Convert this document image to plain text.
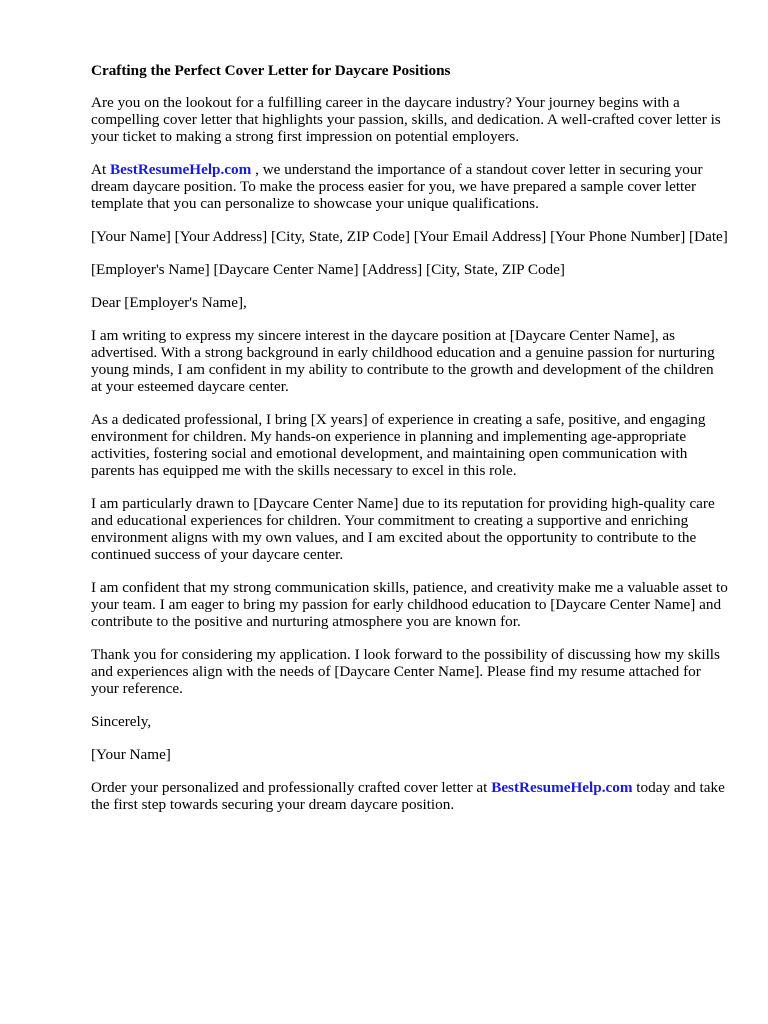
Crafting the Perfect Cover Letter for Daycare Positions

Are you on the lookout for a fulfilling career in the daycare industry? Your journey begins with a compelling cover letter that highlights your passion, skills, and dedication. A well-crafted cover letter is your ticket to making a strong first impression on potential employers.

At BestResumeHelp.com , we understand the importance of a standout cover letter in securing your dream daycare position. To make the process easier for you, we have prepared a sample cover letter template that you can personalize to showcase your unique qualifications.

[Your Name] [Your Address] [City, State, ZIP Code] [Your Email Address] [Your Phone Number] [Date]

[Employer's Name] [Daycare Center Name] [Address] [City, State, ZIP Code]

Dear [Employer's Name],

I am writing to express my sincere interest in the daycare position at [Daycare Center Name], as advertised. With a strong background in early childhood education and a genuine passion for nurturing young minds, I am confident in my ability to contribute to the growth and development of the children at your esteemed daycare center.

As a dedicated professional, I bring [X years] of experience in creating a safe, positive, and engaging environment for children. My hands-on experience in planning and implementing age-appropriate activities, fostering social and emotional development, and maintaining open communication with parents has equipped me with the skills necessary to excel in this role.

I am particularly drawn to [Daycare Center Name] due to its reputation for providing high-quality care and educational experiences for children. Your commitment to creating a supportive and enriching environment aligns with my own values, and I am excited about the opportunity to contribute to the continued success of your daycare center.

I am confident that my strong communication skills, patience, and creativity make me a valuable asset to your team. I am eager to bring my passion for early childhood education to [Daycare Center Name] and contribute to the positive and nurturing atmosphere you are known for.

Thank you for considering my application. I look forward to the possibility of discussing how my skills and experiences align with the needs of [Daycare Center Name]. Please find my resume attached for your reference.

Sincerely,

[Your Name]

Order your personalized and professionally crafted cover letter at BestResumeHelp.com today and take the first step towards securing your dream daycare position.
